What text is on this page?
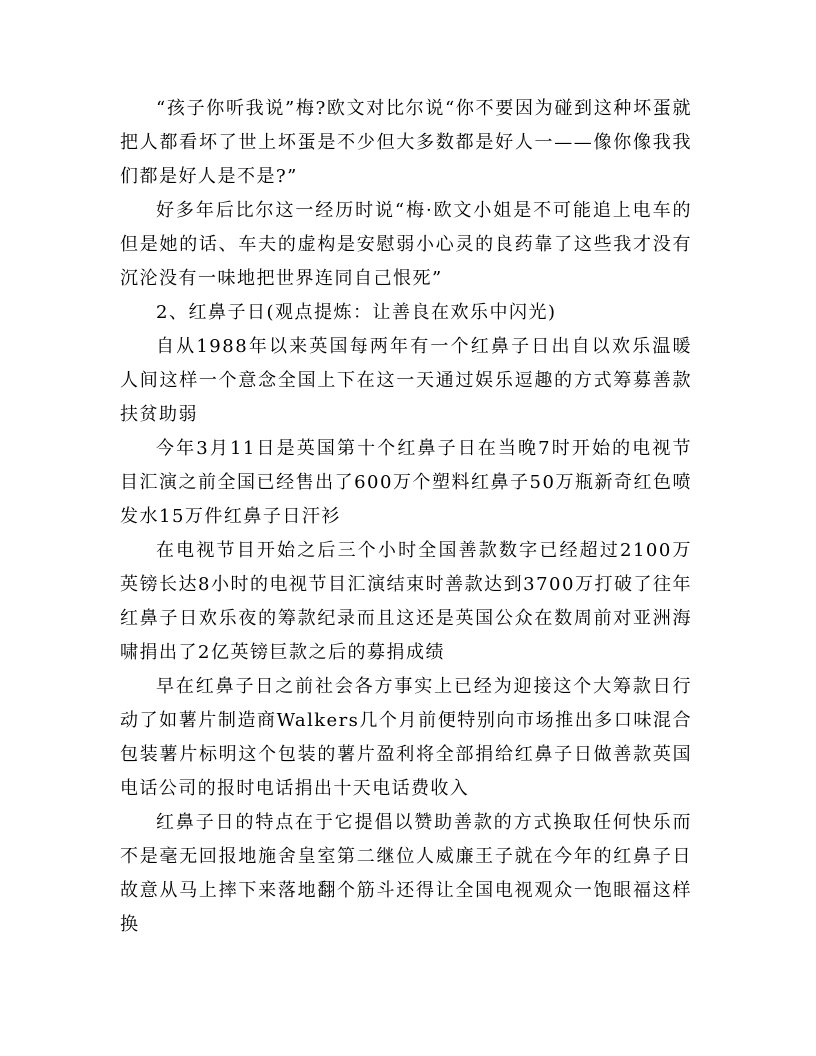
“孩子你听我说”梅?欧文对比尔说“你不要因为碰到这种坏蛋就把人都看坏了世上坏蛋是不少但大多数都是好人一——像你像我我们都是好人是不是?”

好多年后比尔这一经历时说“梅·欧文小姐是不可能追上电车的但是她的话、车夫的虚构是安慰弱小心灵的良药靠了这些我才没有沉沦没有一味地把世界连同自己恨死”

2、红鼻子日(观点提炼：让善良在欢乐中闪光)

自从1988年以来英国每两年有一个红鼻子日出自以欢乐温暖人间这样一个意念全国上下在这一天通过娱乐逗趣的方式筹募善款扶贫助弱

今年3月11日是英国第十个红鼻子日在当晚7时开始的电视节目汇演之前全国已经售出了600万个塑料红鼻子50万瓶新奇红色喷发水15万件红鼻子日汗衫

在电视节目开始之后三个小时全国善款数字已经超过2100万英镑长达8小时的电视节目汇演结束时善款达到3700万打破了往年红鼻子日欢乐夜的筹款纪录而且这还是英国公众在数周前对亚洲海啸捐出了2亿英镑巨款之后的募捐成绩

早在红鼻子日之前社会各方事实上已经为迎接这个大筹款日行动了如薯片制造商Walkers几个月前便特别向市场推出多口味混合包装薯片标明这个包装的薯片盈利将全部捐给红鼻子日做善款英国电话公司的报时电话捐出十天电话费收入

红鼻子日的特点在于它提倡以赞助善款的方式换取任何快乐而不是毫无回报地施舍皇室第二继位人威廉王子就在今年的红鼻子日故意从马上摔下来落地翻个筋斗还得让全国电视观众一饱眼福这样换
